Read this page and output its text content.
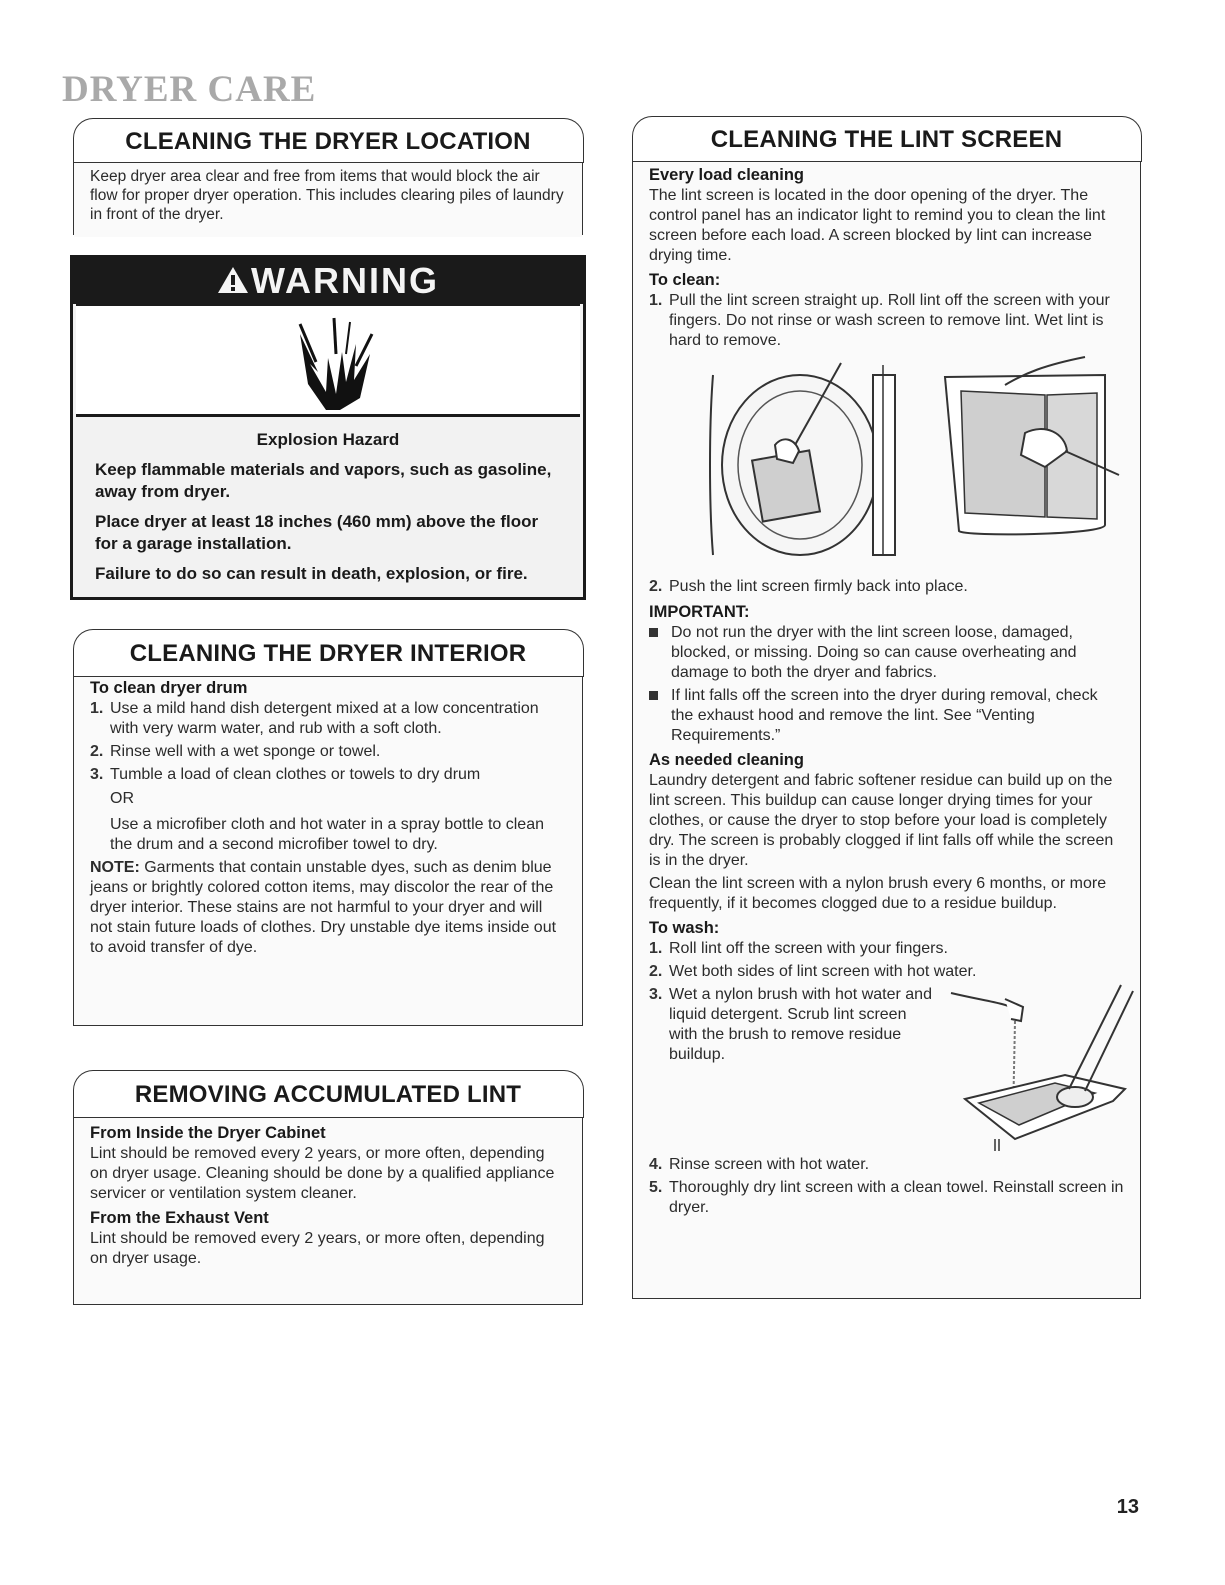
DRYER CARE
CLEANING THE DRYER LOCATION

Keep dryer area clear and free from items that would block the air flow for proper dryer operation. This includes clearing piles of laundry in front of the dryer.

WARNING
Explosion Hazard

Keep flammable materials and vapors, such as gasoline, away from dryer.

Place dryer at least 18 inches (460 mm) above the floor for a garage installation.

Failure to do so can result in death, explosion, or fire.

CLEANING THE DRYER INTERIOR
To clean dryer drum
1. Use a mild hand dish detergent mixed at a low concentration with very warm water, and rub with a soft cloth.
2. Rinse well with a wet sponge or towel.
3. Tumble a load of clean clothes or towels to dry drum
OR
Use a microfiber cloth and hot water in a spray bottle to clean the drum and a second microfiber towel to dry.

NOTE: Garments that contain unstable dyes, such as denim blue jeans or brightly colored cotton items, may discolor the rear of the dryer interior. These stains are not harmful to your dryer and will not stain future loads of clothes. Dry unstable dye items inside out to avoid transfer of dye.

REMOVING ACCUMULATED LINT
From Inside the Dryer Cabinet

Lint should be removed every 2 years, or more often, depending on dryer usage. Cleaning should be done by a qualified appliance servicer or ventilation system cleaner.

From the Exhaust Vent

Lint should be removed every 2 years, or more often, depending on dryer usage.

CLEANING THE LINT SCREEN
Every load cleaning

The lint screen is located in the door opening of the dryer. The control panel has an indicator light to remind you to clean the lint screen before each load. A screen blocked by lint can increase drying time.

To clean:
1. Pull the lint screen straight up. Roll lint off the screen with your fingers. Do not rinse or wash screen to remove lint. Wet lint is hard to remove.
2. Push the lint screen firmly back into place.
IMPORTANT:
Do not run the dryer with the lint screen loose, damaged, blocked, or missing. Doing so can cause overheating and damage to both the dryer and fabrics.
If lint falls off the screen into the dryer during removal, check the exhaust hood and remove the lint. See “Venting Requirements.”
As needed cleaning

Laundry detergent and fabric softener residue can build up on the lint screen. This buildup can cause longer drying times for your clothes, or cause the dryer to stop before your load is completely dry. The screen is probably clogged if lint falls off while the screen is in the dryer.

Clean the lint screen with a nylon brush every 6 months, or more frequently, if it becomes clogged due to a residue buildup.

To wash:
1. Roll lint off the screen with your fingers.
2. Wet both sides of lint screen with hot water.
3. Wet a nylon brush with hot water and liquid detergent. Scrub lint screen with the brush to remove residue buildup.
4. Rinse screen with hot water.
5. Thoroughly dry lint screen with a clean towel. Reinstall screen in dryer.
13
